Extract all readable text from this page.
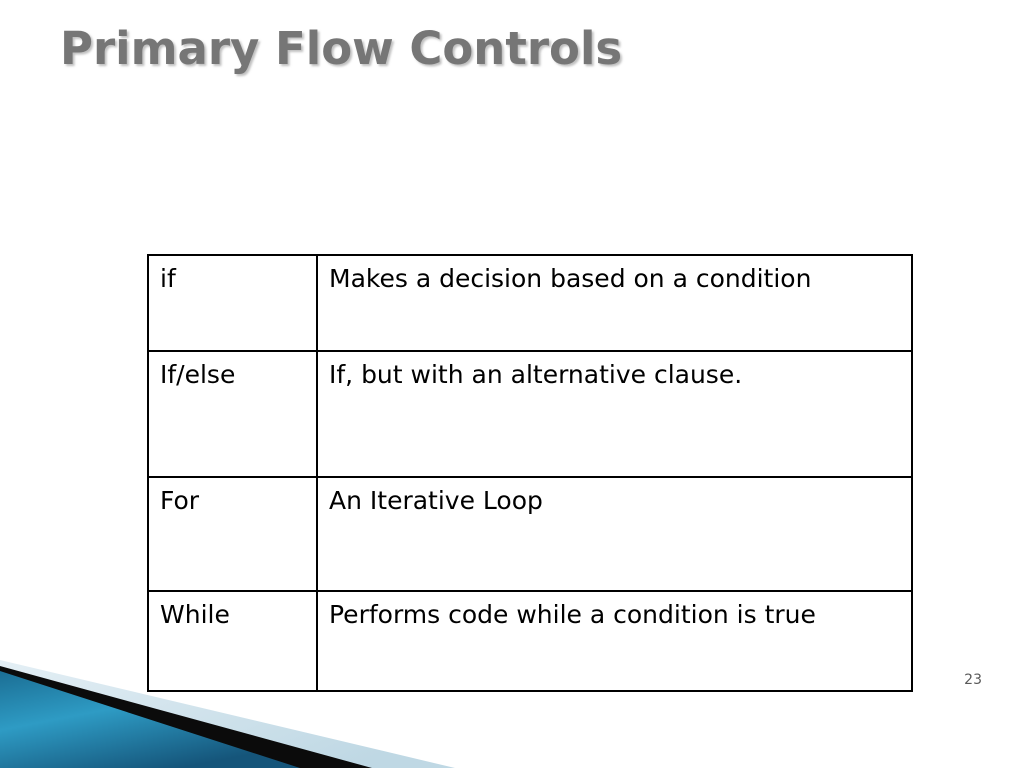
Primary Flow Controls
if	Makes a decision based on a condition
If/else	If, but with an alternative clause.
For	An Iterative Loop
While	Performs code while a condition is true
23
